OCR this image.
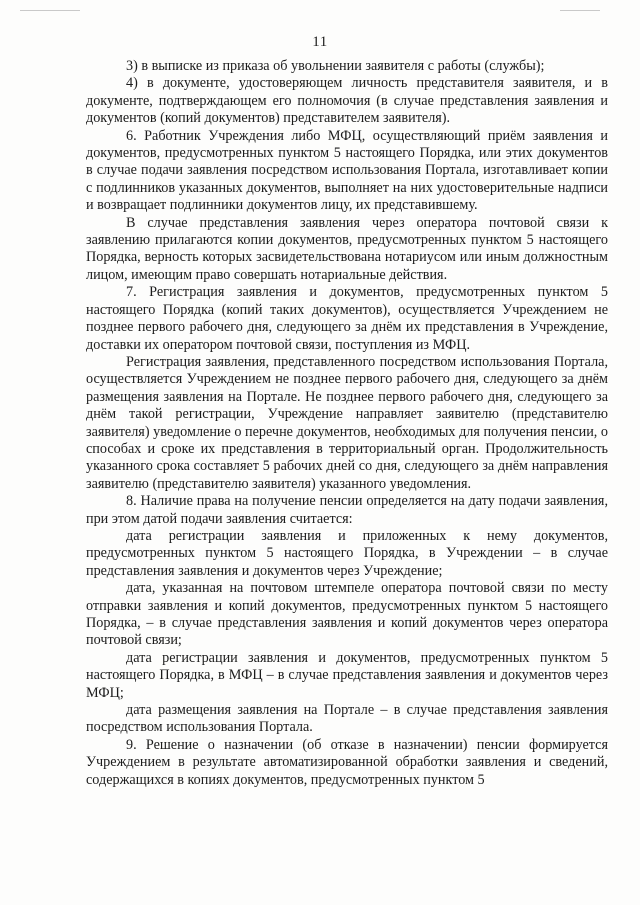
11

3) в выписке из приказа об увольнении заявителя с работы (службы);

4) в документе, удостоверяющем личность представителя заявителя, и в документе, подтверждающем его полномочия (в случае представления заявления и документов (копий документов) представителем заявителя).

6. Работник Учреждения либо МФЦ, осуществляющий приём заявления и документов, предусмотренных пунктом 5 настоящего Порядка, или этих документов в случае подачи заявления посредством использования Портала, изготавливает копии с подлинников указанных документов, выполняет на них удостоверительные надписи и возвращает подлинники документов лицу, их представившему.

В случае представления заявления через оператора почтовой связи к заявлению прилагаются копии документов, предусмотренных пунктом 5 настоящего Порядка, верность которых засвидетельствована нотариусом или иным должностным лицом, имеющим право совершать нотариальные действия.

7. Регистрация заявления и документов, предусмотренных пунктом 5 настоящего Порядка (копий таких документов), осуществляется Учреждением не позднее первого рабочего дня, следующего за днём их представления в Учреждение, доставки их оператором почтовой связи, поступления из МФЦ.

Регистрация заявления, представленного посредством использования Портала, осуществляется Учреждением не позднее первого рабочего дня, следующего за днём размещения заявления на Портале. Не позднее первого рабочего дня, следующего за днём такой регистрации, Учреждение направляет заявителю (представителю заявителя) уведомление о перечне документов, необходимых для получения пенсии, о способах и сроке их представления в территориальный орган. Продолжительность указанного срока составляет 5 рабочих дней со дня, следующего за днём направления заявителю (представителю заявителя) указанного уведомления.

8. Наличие права на получение пенсии определяется на дату подачи заявления, при этом датой подачи заявления считается:

дата регистрации заявления и приложенных к нему документов, предусмотренных пунктом 5 настоящего Порядка, в Учреждении – в случае представления заявления и документов через Учреждение;

дата, указанная на почтовом штемпеле оператора почтовой связи по месту отправки заявления и копий документов, предусмотренных пунктом 5 настоящего Порядка, – в случае представления заявления и копий документов через оператора почтовой связи;

дата регистрации заявления и документов, предусмотренных пунктом 5 настоящего Порядка, в МФЦ – в случае представления заявления и документов через МФЦ;

дата размещения заявления на Портале – в случае представления заявления посредством использования Портала.

9. Решение о назначении (об отказе в назначении) пенсии формируется Учреждением в результате автоматизированной обработки заявления и сведений, содержащихся в копиях документов, предусмотренных пунктом 5
